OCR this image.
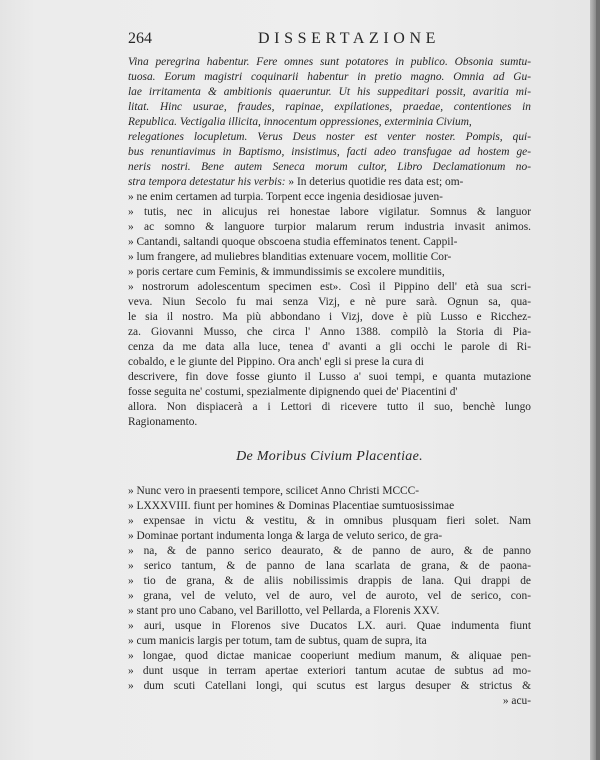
264	DISSERTAZIONE
Vina peregrina habentur. Fere omnes sunt potatores in publico. Obsonia sumtu-
tuosa. Eorum magistri coquinarii habentur in pretio magno. Omnia ad Gu-
lae irritamenta & ambitionis quaeruntur. Ut his suppeditari possit, avaritia mi-
litat. Hinc usurae, fraudes, rapinae, expilationes, praedae, contentiones in
Republica. Vectigalia illicita, innocentum oppressiones, exterminia Civium,
relegationes locupletum. Verus Deus noster est venter noster. Pompis, qui-
bus renuntiavimus in Baptismo, insistimus, facti adeo transfugae ad hostem ge-
neris nostri. Bene autem Seneca morum cultor, Libro Declamationum no-
stra tempora detestatur his verbis: » In deterius quotidie res data est; om-
» ne enim certamen ad turpia. Torpent ecce ingenia desidiosae juven-
» tutis, nec in alicujus rei honestae labore vigilatur. Somnus & languor
» ac somno & languore turpior malarum rerum industria invasit animos.
» Cantandi, saltandi quoque obscoena studia effeminatos tenent. Cappil-
» lum frangere, ad muliebres blanditias extenuare vocem, mollitie Cor-
» poris certare cum Feminis, & immundissimis se excolere munditiis,
» nostrorum adolescentum specimen est». Così il Pippino dell' età sua scri-
veva. Niun Secolo fu mai senza Vizj, e nè pure sarà. Ognun sa, qua-
le sia il nostro. Ma più abbondano i Vizj, dove è più Lusso e Ricchez-
za. Giovanni Musso, che circa l' Anno 1388. compilò la Storia di Pia-
cenza da me data alla luce, tenea d' avanti a gli occhi le parole di Ri-
cobaldo, e le giunte del Pippino. Ora anch' egli si prese la cura di
descrivere, fin dove fosse giunto il Lusso a' suoi tempi, e quanta mutazione
fosse seguita ne' costumi, spezialmente dipignendo quei de' Piacentini d'
allora. Non dispiacerà a i Lettori di ricevere tutto il suo, benchè lungo
Ragionamento.
De Moribus Civium Placentiae.
» Nunc vero in praesenti tempore, scilicet Anno Christi MCCC-
» LXXXVIII. fiunt per homines & Dominas Placentiae sumtuosissimae
» expensae in victu & vestitu, & in omnibus plusquam fieri solet. Nam
» Dominae portant indumenta longa & larga de veluto serico, de gra-
» na, & de panno serico deaurato, & de panno de auro, & de panno
» serico tantum, & de panno de lana scarlata de grana, & de paona-
» tio de grana, & de aliis nobilissimis drappis de lana. Qui drappi de
» grana, vel de veluto, vel de auro, vel de auroto, vel de serico, con-
» stant pro uno Cabano, vel Barillotto, vel Pellarda, a Florenis XXV.
» auri, usque in Florenos sive Ducatos LX. auri. Quae indumenta fiunt
» cum manicis largis per totum, tam de subtus, quam de supra, ita
» longae, quod dictae manicae cooperiunt medium manum, & aliquae pen-
» dunt usque in terram apertae exteriori tantum acutae de subtus ad mo-
» dum scuti Catellani longi, qui scutus est largus desuper & strictus &
» acu-
